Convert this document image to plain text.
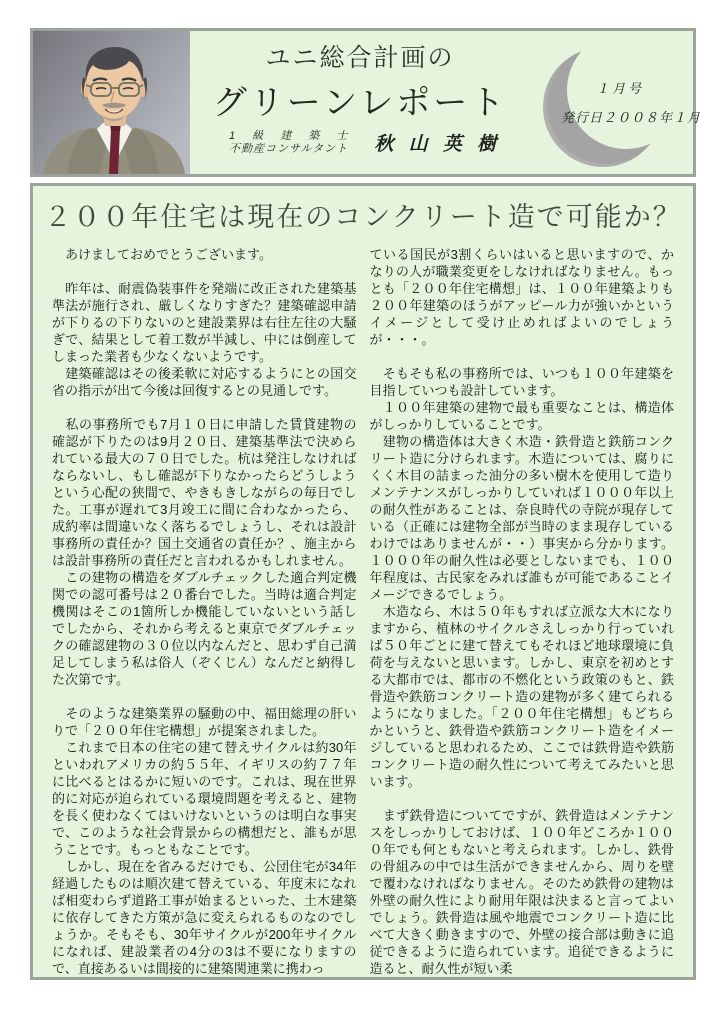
ユニ総合計画の
グリーンレポート
1 級 建 築 士
不動産コンサルタント	秋 山 英 樹
１月号
発行日２００８年１月
２００年住宅は現在のコンクリート造で可能か？
　あけましておめでとうございます。
　昨年は、耐震偽装事件を発端に改正された建築基準法が施行され、厳しくなりすぎた？建築確認申請が下りるの下りないのと建設業界は右往左往の大騒ぎで、結果として着工数が半減し、中には倒産してしまった業者も少なくないようです。
　建築確認はその後柔軟に対応するようにとの国交省の指示が出て今後は回復するとの見通しです。
　私の事務所でも7月１０日に申請した賃貸建物の確認が下りたのは9月２０日、建築基準法で決められている最大の７０日でした。杭は発注しなければならないし、もし確認が下りなかったらどうしようという心配の狭間で、やきもきしながらの毎日でした。工事が遅れて3月竣工に間に合わなかったら、成約率は間違いなく落ちるでしょうし、それは設計事務所の責任か？国土交通省の責任か？、施主からは設計事務所の責任だと言われるかもしれません。
　この建物の構造をダブルチェックした適合判定機関での認可番号は２０番台でした。当時は適合判定機関はそこの1箇所しか機能していないという話しでしたから、それから考えると東京でダブルチェックの確認建物の３０位以内なんだと、思わず自己満足してしまう私は俗人（ぞくじん）なんだと納得した次第です。
　そのような建築業界の騒動の中、福田総理の肝いりで「２００年住宅構想」が提案されました。
　これまで日本の住宅の建て替えサイクルは約30年といわれアメリカの約５５年、イギリスの約７７年に比べるとはるかに短いのです。これは、現在世界的に対応が迫られている環境問題を考えると、建物を長く使わなくてはいけないというのは明白な事実で、このような社会背景からの構想だと、誰もが思うことです。もっともなことです。
　しかし、現在を省みるだけでも、公団住宅が34年経過したものは順次建て替えている、年度末になれば相変わらず道路工事が始まるといった、土木建築に依存してきた方策が急に変えられるものなのでしょうか。そもそも、30年サイクルが200年サイクルになれば、建設業者の4分の3は不要になりますので、直接あるいは間接的に建築関連業に携わっ
ている国民が3割くらいはいると思いますので、かなりの人が職業変更をしなければなりません。もっとも「２００年住宅構想」は、１００年建築よりも２００年建築のほうがアッピール力が強いかというイメージとして受け止めればよいのでしょうが・・・。
　そもそも私の事務所では、いつも１００年建築を目指していつも設計しています。
　１００年建築の建物で最も重要なことは、構造体がしっかりしていることです。
　建物の構造体は大きく木造・鉄骨造と鉄筋コンクリート造に分けられます。木造については、腐りにくく木目の詰まった油分の多い樹木を使用して造りメンテナンスがしっかりしていれば１０００年以上の耐久性があることは、奈良時代の寺院が現存している（正確には建物全部が当時のまま現存しているわけではありませんが・・）事実から分かります。１０００年の耐久性は必要としないまでも、１００年程度は、古民家をみれば誰もが可能であることイメージできるでしょう。
　木造なら、木は５０年もすれば立派な大木になりますから、植林のサイクルさえしっかり行っていれば５０年ごとに建て替えてもそれほど地球環境に負荷を与えないと思います。しかし、東京を初めとする大都市では、都市の不燃化という政策のもと、鉄骨造や鉄筋コンクリート造の建物が多く建てられるようになりました。「２００年住宅構想」もどちらかというと、鉄骨造や鉄筋コンクリート造をイメージしていると思われるため、ここでは鉄骨造や鉄筋コンクリート造の耐久性について考えてみたいと思います。
　まず鉄骨造についてですが、鉄骨造はメンテナンスをしっかりしておけば、１００年どころか１０００年でも何ともないと考えられます。しかし、鉄骨の骨組みの中では生活ができませんから、周りを壁で覆わなければなりません。そのため鉄骨の建物は外壁の耐久性により耐用年限は決まると言ってよいでしょう。鉄骨造は風や地震でコンクリート造に比べて大きく動きますので、外壁の接合部は動きに追従できるように造られています。追従できるように造ると、耐久性が短い柔
